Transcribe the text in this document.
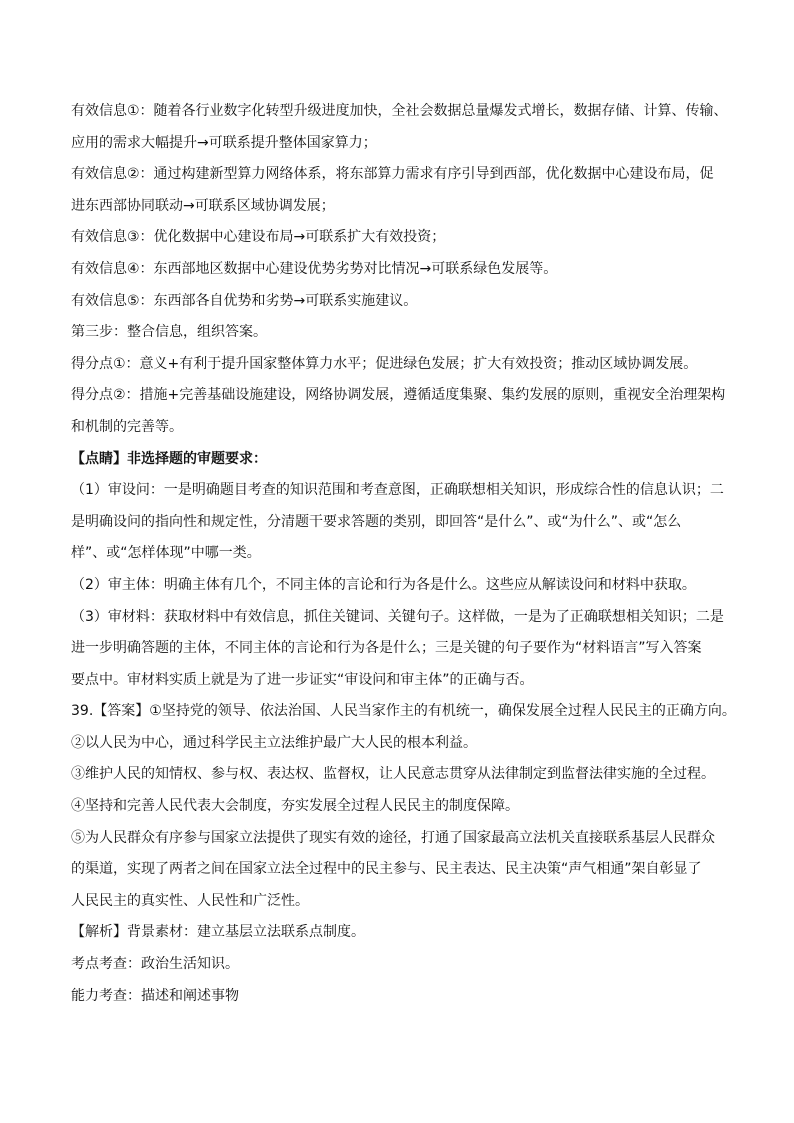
有效信息①：随着各行业数字化转型升级进度加快，全社会数据总量爆发式增长，数据存储、计算、传输、
应用的需求大幅提升→可联系提升整体国家算力；
有效信息②：通过构建新型算力网络体系，将东部算力需求有序引导到西部，优化数据中心建设布局，促
进东西部协同联动→可联系区域协调发展；
有效信息③：优化数据中心建设布局→可联系扩大有效投资；
有效信息④：东西部地区数据中心建设优势劣势对比情况→可联系绿色发展等。
有效信息⑤：东西部各自优势和劣势→可联系实施建议。
第三步：整合信息，组织答案。
得分点①：意义+有利于提升国家整体算力水平；促进绿色发展；扩大有效投资；推动区域协调发展。
得分点②：措施+完善基础设施建设，网络协调发展，遵循适度集聚、集约发展的原则，重视安全治理架构
和机制的完善等。
【点睛】非选择题的审题要求：
（1）审设问：一是明确题目考查的知识范围和考查意图，正确联想相关知识，形成综合性的信息认识；二
是明确设问的指向性和规定性，分清题干要求答题的类别，即回答“是什么”、或“为什么”、或“怎么
样”、或“怎样体现”中哪一类。
（2）审主体：明确主体有几个，不同主体的言论和行为各是什么。这些应从解读设问和材料中获取。
（3）审材料：获取材料中有效信息，抓住关键词、关键句子。这样做，一是为了正确联想相关知识；二是
进一步明确答题的主体，不同主体的言论和行为各是什么；三是关键的句子要作为“材料语言”写入答案
要点中。审材料实质上就是为了进一步证实“审设问和审主体”的正确与否。
39.【答案】①坚持党的领导、依法治国、人民当家作主的有机统一，确保发展全过程人民民主的正确方向。
②以人民为中心，通过科学民主立法维护最广大人民的根本利益。
③维护人民的知情权、参与权、表达权、监督权，让人民意志贯穿从法律制定到监督法律实施的全过程。
④坚持和完善人民代表大会制度，夯实发展全过程人民民主的制度保障。
⑤为人民群众有序参与国家立法提供了现实有效的途径，打通了国家最高立法机关直接联系基层人民群众
的渠道，实现了两者之间在国家立法全过程中的民主参与、民主表达、民主决策“声气相通”架自彰显了
人民民主的真实性、人民性和广泛性。
【解析】背景素材：建立基层立法联系点制度。
考点考查：政治生活知识。
能力考查：描述和阐述事物
